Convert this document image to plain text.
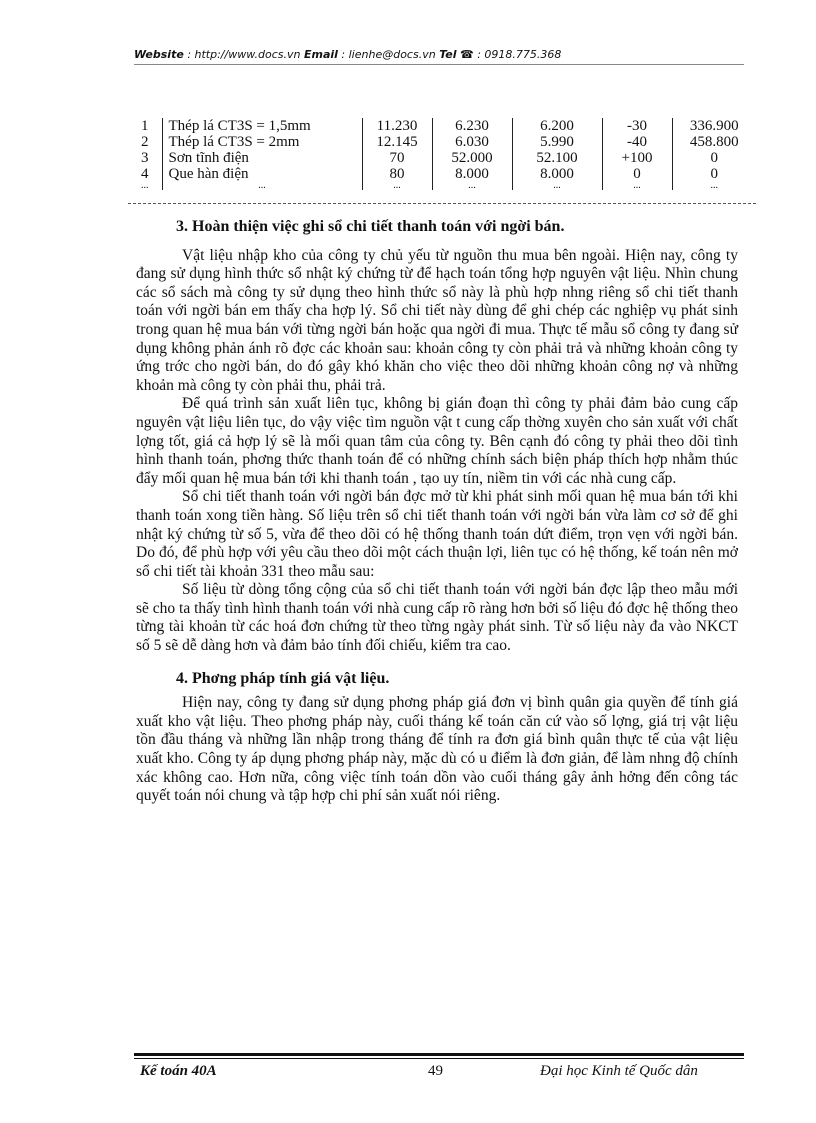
Website : http://www.docs.vn Email : lienhe@docs.vn Tel ☎ : 0918.775.368
1	Thép lá CT3S = 1,5mm	11.230	6.230	6.200	-30	336.900
2	Thép lá CT3S = 2mm	12.145	6.030	5.990	-40	458.800
3	Sơn tĩnh điện	70	52.000	52.100	+100	0
4	Que hàn điện	80	8.000	8.000	0	0
...	...	...	...	...	...	...
3. Hoàn thiện việc ghi sổ chi tiết thanh toán với ngời bán.

Vật liệu nhập kho của công ty chủ yếu từ nguồn thu mua bên ngoài. Hiện nay, công ty đang sử dụng hình thức sổ nhật ký chứng từ để hạch toán tổng hợp nguyên vật liệu. Nhìn chung các sổ sách mà công ty sử dụng theo hình thức sổ này là phù hợp nhng riêng sổ chi tiết thanh toán với ngời bán em thấy cha hợp lý. Sổ chi tiết này dùng để ghi chép các nghiệp vụ phát sinh trong quan hệ mua bán với từng ngời bán hoặc qua ngời đi mua. Thực tế mẫu sổ công ty đang sử dụng không phản ánh rõ đợc các khoản sau: khoản công ty còn phải trả và những khoản công ty ứng trớc cho ngời bán, do đó gây khó khăn cho việc theo dõi những khoản công nợ và những khoản mà công ty còn phải thu, phải trả.

Để quá trình sản xuất liên tục, không bị gián đoạn thì công ty phải đảm bảo cung cấp nguyên vật liệu liên tục, do vậy việc tìm nguồn vật t cung cấp thờng xuyên cho sản xuất với chất lợng tốt, giá cả hợp lý sẽ là mối quan tâm của công ty. Bên cạnh đó công ty phải theo dõi tình hình thanh toán, phơng thức thanh toán để có những chính sách biện pháp thích hợp nhằm thúc đẩy mối quan hệ mua bán tới khi thanh toán , tạo uy tín, niềm tin với các nhà cung cấp.

Sổ chi tiết thanh toán với ngời bán đợc mở từ khi phát sinh mối quan hệ mua bán tới khi thanh toán xong tiền hàng. Số liệu trên sổ chi tiết thanh toán với ngời bán vừa làm cơ sở để ghi nhật ký chứng từ số 5, vừa để theo dõi có hệ thống thanh toán dứt điểm, trọn vẹn với ngời bán. Do đó, để phù hợp với yêu cầu theo dõi một cách thuận lợi, liên tục có hệ thống, kế toán nên mở sổ chi tiết tài khoản 331 theo mẫu sau:

Số liệu từ dòng tổng cộng của sổ chi tiết thanh toán với ngời bán đợc lập theo mẫu mới sẽ cho ta thấy tình hình thanh toán với nhà cung cấp rõ ràng hơn bởi số liệu đó đợc hệ thống theo từng tài khoản từ các hoá đơn chứng từ theo từng ngày phát sinh. Từ số liệu này đa vào NKCT số 5 sẽ dễ dàng hơn và đảm bảo tính đối chiếu, kiểm tra cao.

4. Phơng pháp tính giá vật liệu.

Hiện nay, công ty đang sử dụng phơng pháp giá đơn vị bình quân gia quyền để tính giá xuất kho vật liệu. Theo phơng pháp này, cuối tháng kế toán căn cứ vào số lợng, giá trị vật liệu tồn đầu tháng và những lần nhập trong tháng để tính ra đơn giá bình quân thực tế của vật liệu xuất kho. Công ty áp dụng phơng pháp này, mặc dù có u điểm là đơn giản, để làm nhng độ chính xác không cao. Hơn nữa, công việc tính toán dồn vào cuối tháng gây ảnh hởng đến công tác quyết toán nói chung và tập hợp chi phí sản xuất nói riêng.

Kế toán 40A	49	Đại học Kinh tế Quốc dân
